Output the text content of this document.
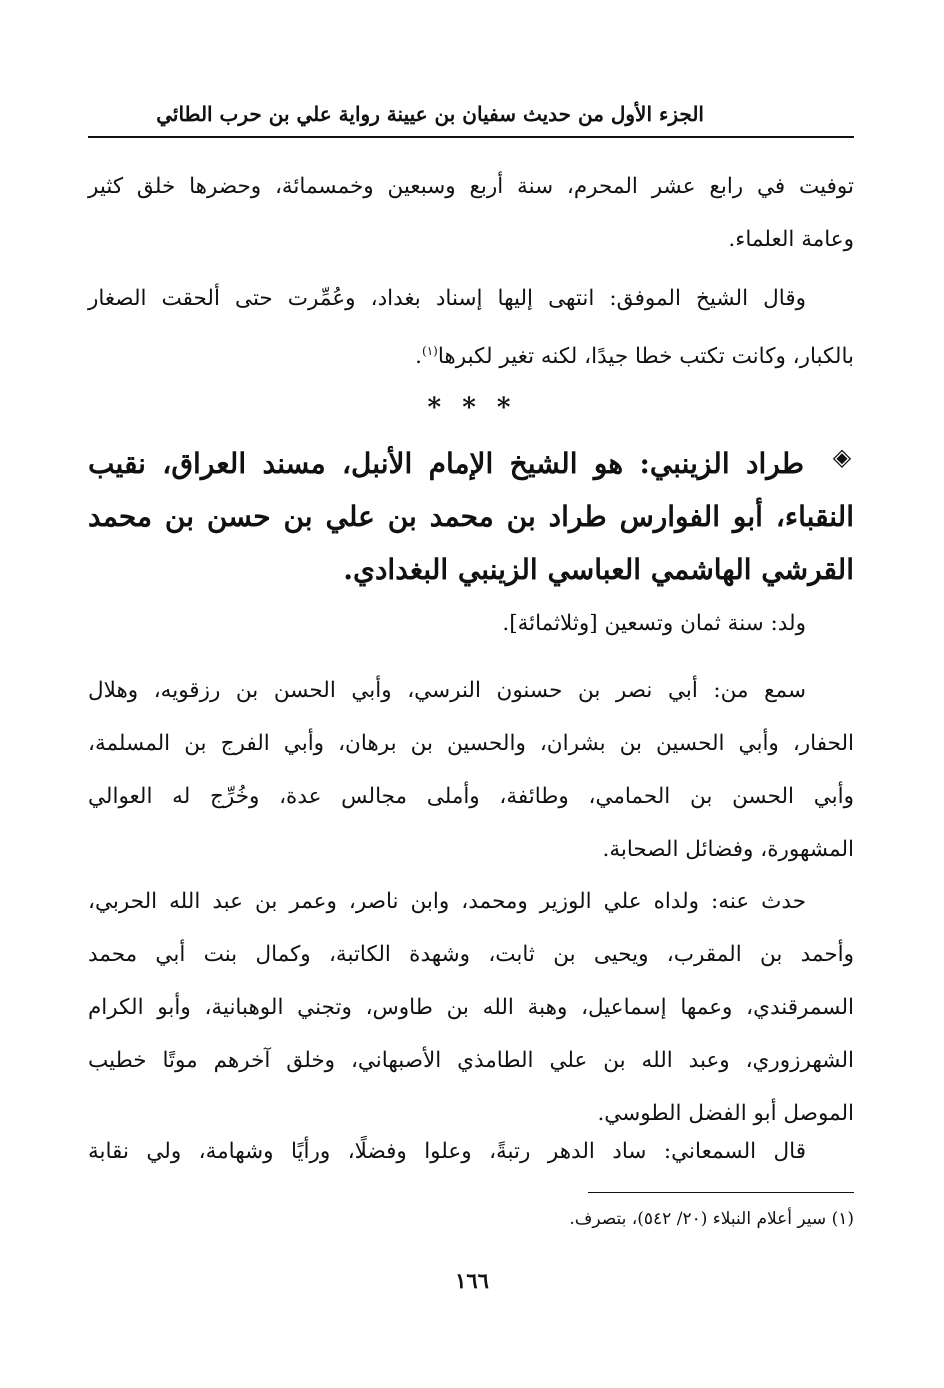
الجزء الأول من حديث سفيان بن عيينة رواية علي بن حرب الطائي
توفيت في رابع عشر المحرم، سنة أربع وسبعين وخمسمائة، وحضرها خلق كثير
وعامة العلماء.
وقال الشيخ الموفق: انتهى إليها إسناد بغداد، وعُمِّرت حتى ألحقت الصغار
بالكبار، وكانت تكتب خطا جيدًا، لكنه تغير لكبرها$^{(١)}$.
* * *
◈
طراد الزينبي: هو الشيخ الإمام الأنبل، مسند العراق، نقيب
النقباء، أبو الفوارس طراد بن محمد بن علي بن حسن بن محمد
القرشي الهاشمي العباسي الزينبي البغدادي.
ولد: سنة ثمان وتسعين [وثلاثمائة].
سمع من: أبي نصر بن حسنون النرسي، وأبي الحسن بن رزقويه، وهلال
الحفار، وأبي الحسين بن بشران، والحسين بن برهان، وأبي الفرج بن المسلمة،
وأبي الحسن بن الحمامي، وطائفة، وأملى مجالس عدة، وخُرِّج له العوالي
المشهورة، وفضائل الصحابة.
حدث عنه: ولداه علي الوزير ومحمد، وابن ناصر، وعمر بن عبد الله الحربي،
وأحمد بن المقرب، ويحيى بن ثابت، وشهدة الكاتبة، وكمال بنت أبي محمد
السمرقندي، وعمها إسماعيل، وهبة الله بن طاوس، وتجني الوهبانية، وأبو الكرام
الشهرزوري، وعبد الله بن علي الطامذي الأصبهاني، وخلق آخرهم موتًا خطيب
الموصل أبو الفضل الطوسي.
قال السمعاني: ساد الدهر رتبةً، وعلوا وفضلًا، ورأيًا وشهامة، ولي نقابة
(١) سير أعلام النبلاء (٢٠/ ٥٤٢)، بتصرف.
١٦٦
